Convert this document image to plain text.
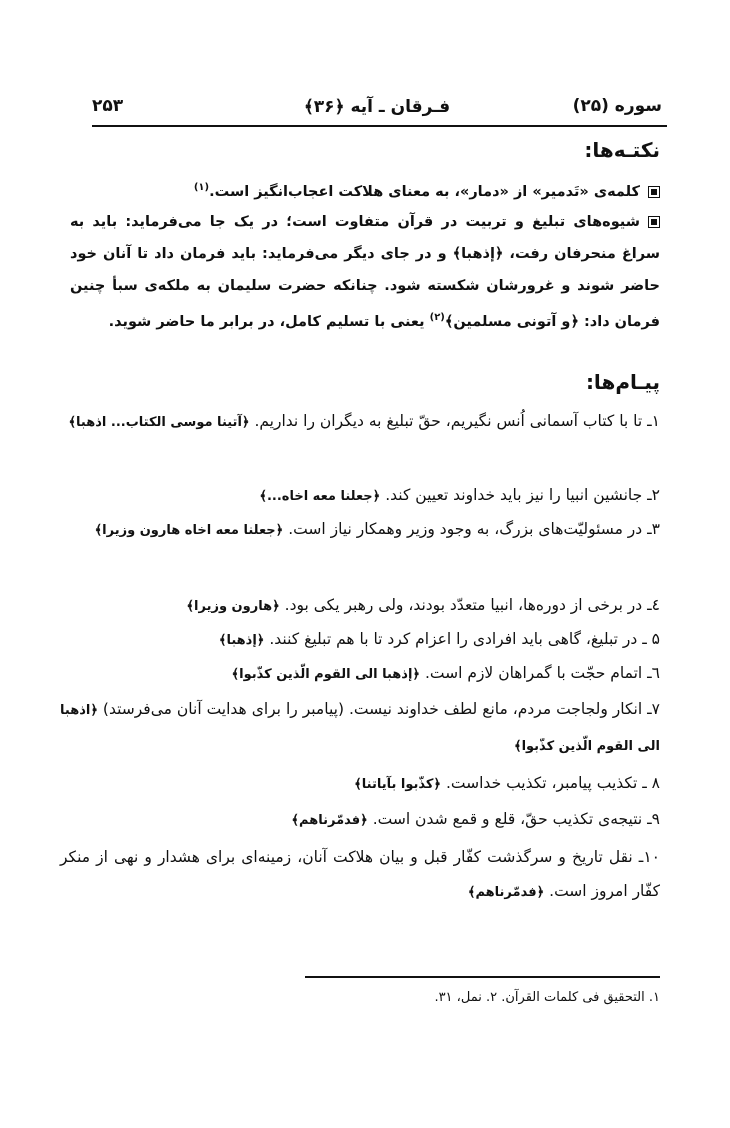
سوره (۲۵)
فـرقان ـ آیه ﴿۳۶﴾
۲۵۳
نکتـه‌ها:
کلمه‌ی «تَدمیر» از «دمار»، به معنای هلاکت اعجاب‌انگیز است.$^{(۱)}$
شیوه‌های تبلیغ و تربیت در قرآن متفاوت است؛ در یک جا می‌فرماید: باید به سراغ منحرفان رفت، ﴿إذهبا﴾ و در جای دیگر می‌فرماید: باید فرمان داد تا آنان خود حاضر شوند و غرورشان شکسته شود. چنانکه حضرت سلیمان به ملکه‌ی سبأ چنین فرمان داد: ﴿و آتونی مسلمین﴾$^{(۲)}$ یعنی با تسلیم کامل، در برابر ما حاضر شوید.
پیـام‌ها:
۱ـ تا با کتاب آسمانی اُنس نگیریم، حقّ تبلیغ به دیگران را نداریم. ﴿آتینا موسی الکتاب... اذهبا﴾
۲ـ جانشین انبیا را نیز باید خداوند تعیین کند. ﴿جعلنا معه اخاه...﴾
۳ـ در مسئولیّت‌های بزرگ، به وجود وزیر وهمکار نیاز است. ﴿جعلنا معه اخاه هارون وزیرا﴾
٤ـ در برخی از دوره‌ها، انبیا متعدّد بودند، ولی رهبر یکی بود. ﴿هارون وزیرا﴾
۵ ـ در تبلیغ، گاهی باید افرادی را اعزام کرد تا با هم تبلیغ کنند. ﴿إذهبا﴾
٦ـ اتمام حجّت با گمراهان لازم است. ﴿إذهبا الی القوم الّذین کذّبوا﴾
۷ـ انکار ولجاجت مردم، مانع لطف خداوند نیست. (پیامبر را برای هدایت آنان می‌فرستد) ﴿اذهبا الی القوم الّذین کذّبوا﴾
۸ ـ تکذیب پیامبر، تکذیب خداست. ﴿کذّبوا بآیاتنا﴾
۹ـ نتیجه‌ی تکذیب حقّ، قلع و قمع شدن است. ﴿فدمّرناهم﴾
۱۰ـ نقل تاریخ و سرگذشت کفّار قبل و بیان هلاکت آنان، زمینه‌ای برای هشدار و نهی از منکر کفّار امروز است. ﴿فدمّرناهم﴾
۱. التحقیق فی کلمات القرآن. ۲. نمل، ۳۱.
